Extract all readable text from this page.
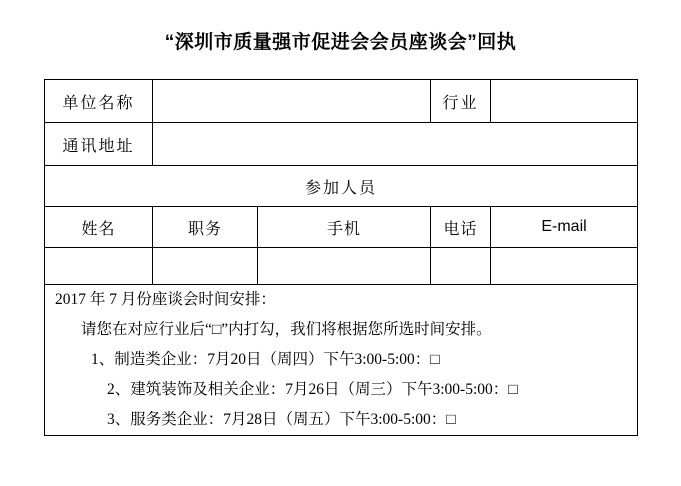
“深圳市质量强市促进会会员座谈会”回执
单位名称			行业	
通讯地址				
参加人员				
姓名	职务	手机	电话	E-mail

2017 年 7 月份座谈会时间安排：
请您在对应行业后“□”内打勾，我们将根据您所选时间安排。
1、制造类企业：7月20日（周四）下午3:00-5:00：□
2、建筑装饰及相关企业：7月26日（周三）下午3:00-5:00：□
3、服务类企业：7月28日（周五）下午3:00-5:00：□				
